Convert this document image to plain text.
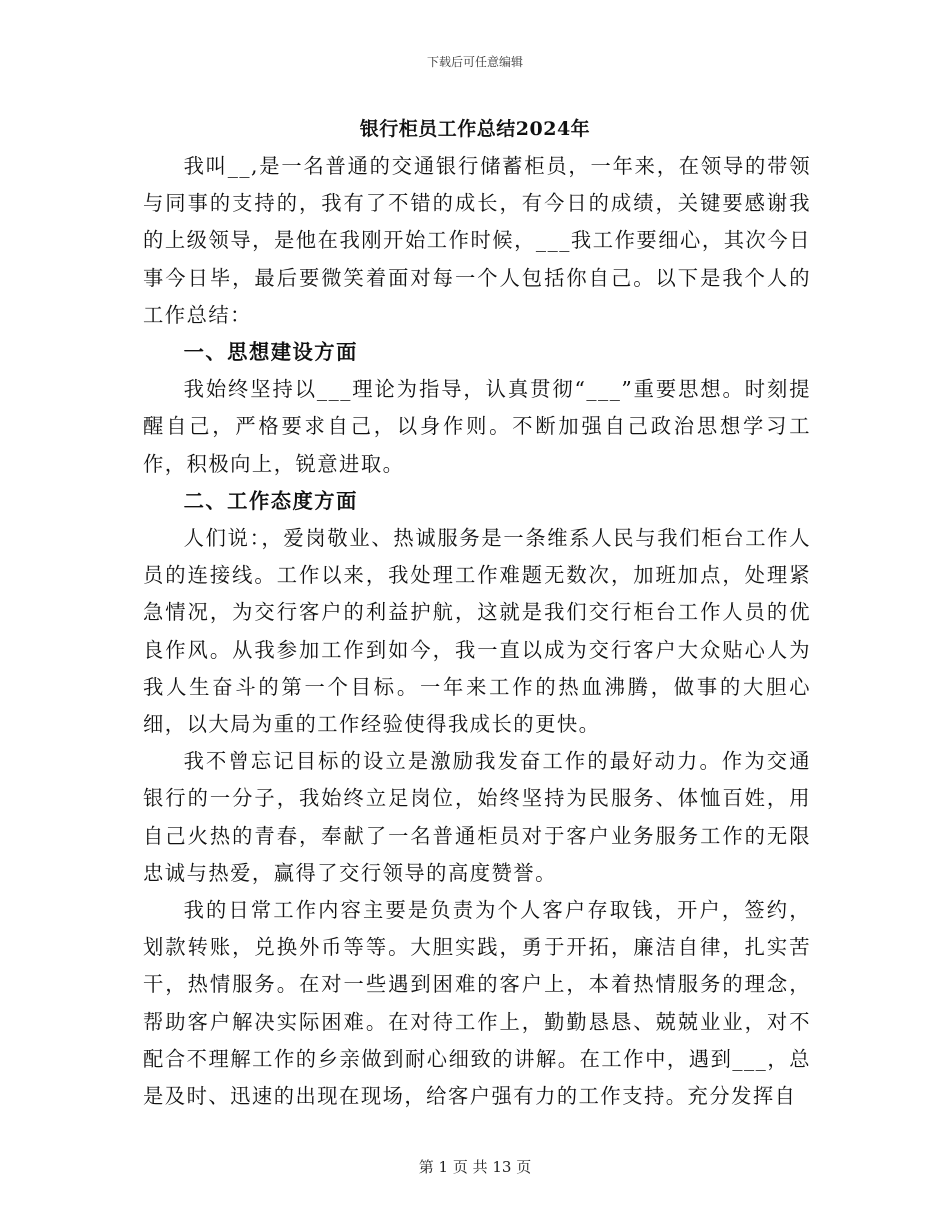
下载后可任意编辑
银行柜员工作总结2024年

我叫__,是一名普通的交通银行储蓄柜员，一年来，在领导的带领与同事的支持的，我有了不错的成长，有今日的成绩，关键要感谢我的上级领导，是他在我刚开始工作时候，___我工作要细心，其次今日事今日毕，最后要微笑着面对每一个人包括你自己。以下是我个人的工作总结：

一、思想建设方面

我始终坚持以___理论为指导，认真贯彻“___”重要思想。时刻提醒自己，严格要求自己，以身作则。不断加强自己政治思想学习工作，积极向上，锐意进取。

二、工作态度方面

人们说：，爱岗敬业、热诚服务是一条维系人民与我们柜台工作人员的连接线。工作以来，我处理工作难题无数次，加班加点，处理紧急情况，为交行客户的利益护航，这就是我们交行柜台工作人员的优良作风。从我参加工作到如今，我一直以成为交行客户大众贴心人为我人生奋斗的第一个目标。一年来工作的热血沸腾，做事的大胆心细，以大局为重的工作经验使得我成长的更快。

我不曾忘记目标的设立是激励我发奋工作的最好动力。作为交通银行的一分子，我始终立足岗位，始终坚持为民服务、体恤百姓，用自己火热的青春，奉献了一名普通柜员对于客户业务服务工作的无限忠诚与热爱，赢得了交行领导的高度赞誉。

我的日常工作内容主要是负责为个人客户存取钱，开户，签约，划款转账，兑换外币等等。大胆实践，勇于开拓，廉洁自律，扎实苦干，热情服务。在对一些遇到困难的客户上，本着热情服务的理念，帮助客户解决实际困难。在对待工作上，勤勤恳恳、兢兢业业，对不配合不理解工作的乡亲做到耐心细致的讲解。在工作中，遇到___，总是及时、迅速的出现在现场，给客户强有力的工作支持。充分发挥自

第 1 页 共 13 页
